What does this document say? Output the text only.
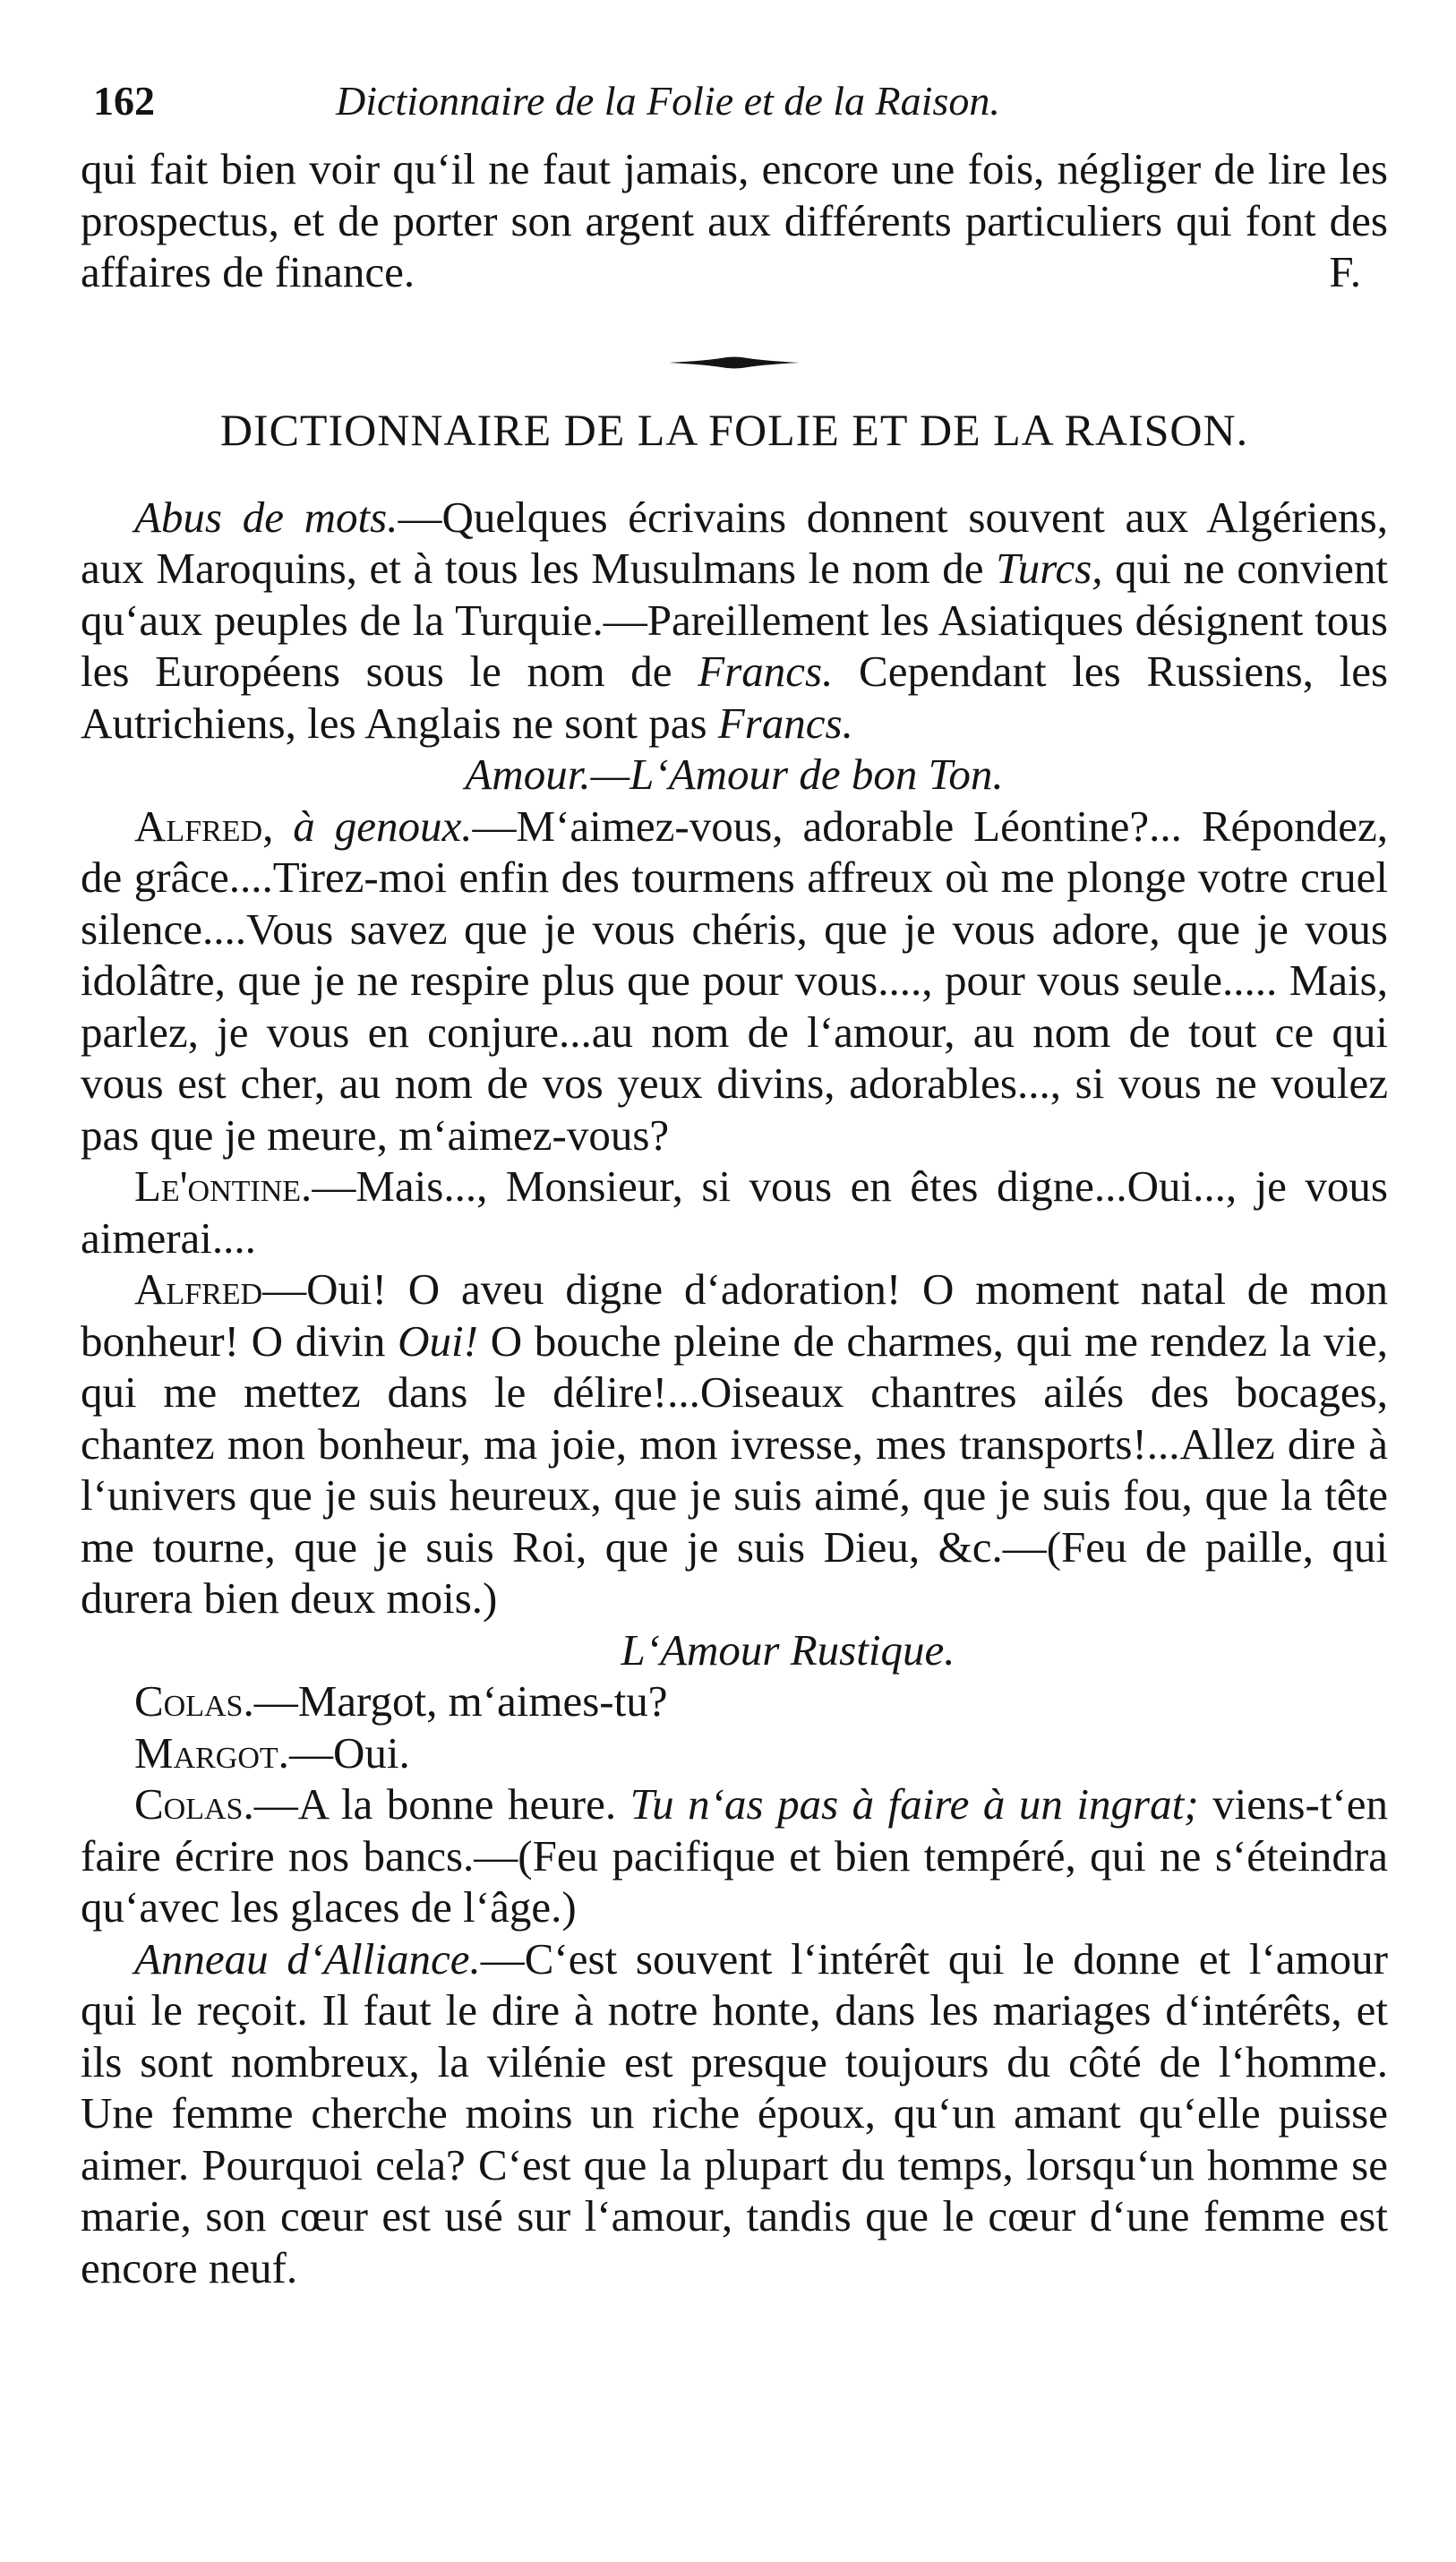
162	Dictionnaire de la Folie et de la Raison.

qui fait bien voir qu‘il ne faut jamais, encore une fois, négliger de lire les prospectus, et de porter son argent aux différents particuliers qui font des affaires de finance.	F.

DICTIONNAIRE DE LA FOLIE ET DE LA RAISON.

Abus de mots.—Quelques écrivains donnent souvent aux Algériens, aux Maroquins, et à tous les Musulmans le nom de Turcs, qui ne convient qu‘aux peuples de la Turquie.—Pareillement les Asiatiques désignent tous les Européens sous le nom de Francs. Cependant les Russiens, les Autrichiens, les Anglais ne sont pas Francs.

Amour.—L‘Amour de bon Ton.

Alfred, à genoux.—M‘aimez-vous, adorable Léontine?... Répondez, de grâce....Tirez-moi enfin des tourmens affreux où me plonge votre cruel silence....Vous savez que je vous chéris, que je vous adore, que je vous idolâtre, que je ne respire plus que pour vous...., pour vous seule..... Mais, parlez, je vous en conjure...au nom de l‘amour, au nom de tout ce qui vous est cher, au nom de vos yeux divins, adorables..., si vous ne voulez pas que je meure, m‘aimez-vous?

Le'ontine.—Mais..., Monsieur, si vous en êtes digne...Oui..., je vous aimerai....

Alfred—Oui! O aveu digne d‘adoration! O moment natal de mon bonheur! O divin Oui! O bouche pleine de charmes, qui me rendez la vie, qui me mettez dans le délire!...Oiseaux chantres ailés des bocages, chantez mon bonheur, ma joie, mon ivresse, mes transports!...Allez dire à l‘univers que je suis heureux, que je suis aimé, que je suis fou, que la tête me tourne, que je suis Roi, que je suis Dieu, &c.—(Feu de paille, qui durera bien deux mois.)

L‘Amour Rustique.

Colas.—Margot, m‘aimes-tu?

Margot.—Oui.

Colas.—A la bonne heure. Tu n‘as pas à faire à un ingrat; viens-t‘en faire écrire nos bancs.—(Feu pacifique et bien tempéré, qui ne s‘éteindra qu‘avec les glaces de l‘âge.)

Anneau d‘Alliance.—C‘est souvent l‘intérêt qui le donne et l‘amour qui le reçoit. Il faut le dire à notre honte, dans les mariages d‘intérêts, et ils sont nombreux, la vilénie est presque toujours du côté de l‘homme. Une femme cherche moins un riche époux, qu‘un amant qu‘elle puisse aimer. Pourquoi cela? C‘est que la plupart du temps, lorsqu‘un homme se marie, son cœur est usé sur l‘amour, tandis que le cœur d‘une femme est encore neuf.
